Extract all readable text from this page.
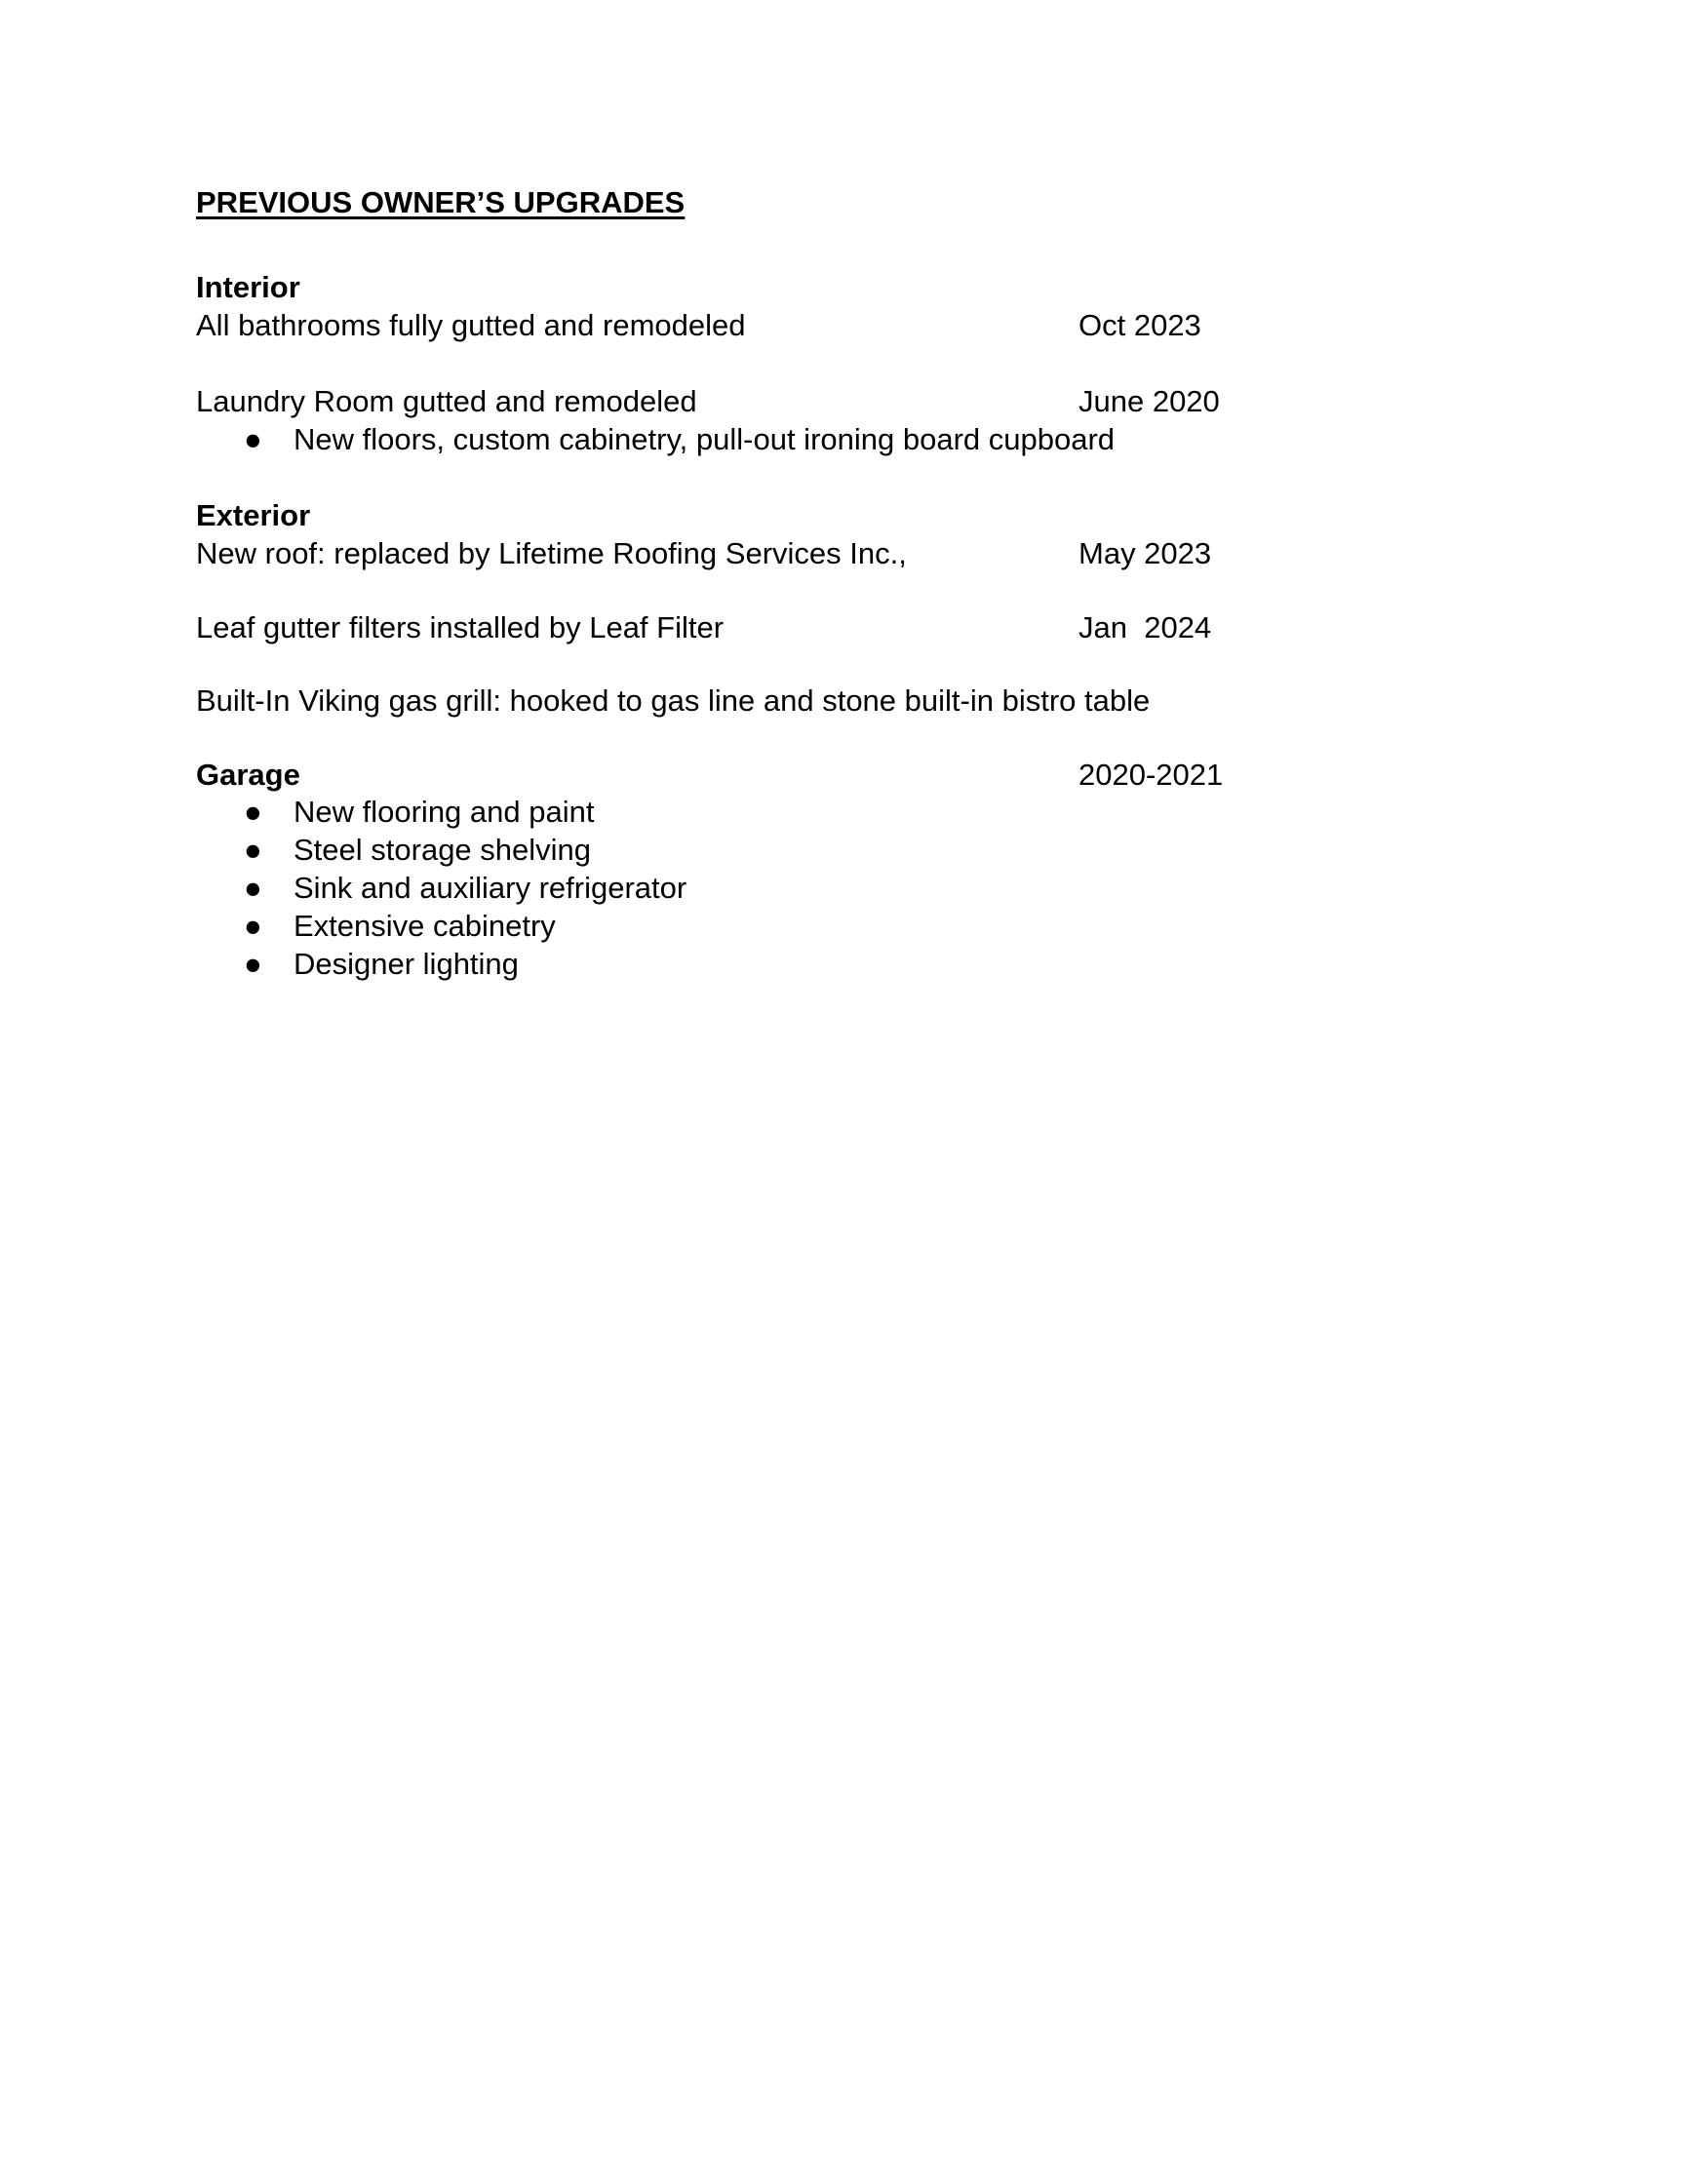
PREVIOUS OWNER’S UPGRADES
Interior
All bathrooms fully gutted and remodeled	Oct 2023
Laundry Room gutted and remodeled	June 2020
● New floors, custom cabinetry, pull-out ironing board cupboard
Exterior
New roof: replaced by Lifetime Roofing Services Inc.,	May 2023
Leaf gutter filters installed by Leaf Filter	Jan  2024
Built-In Viking gas grill: hooked to gas line and stone built-in bistro table
Garage	2020-2021
● New flooring and paint
● Steel storage shelving
● Sink and auxiliary refrigerator
● Extensive cabinetry
● Designer lighting
